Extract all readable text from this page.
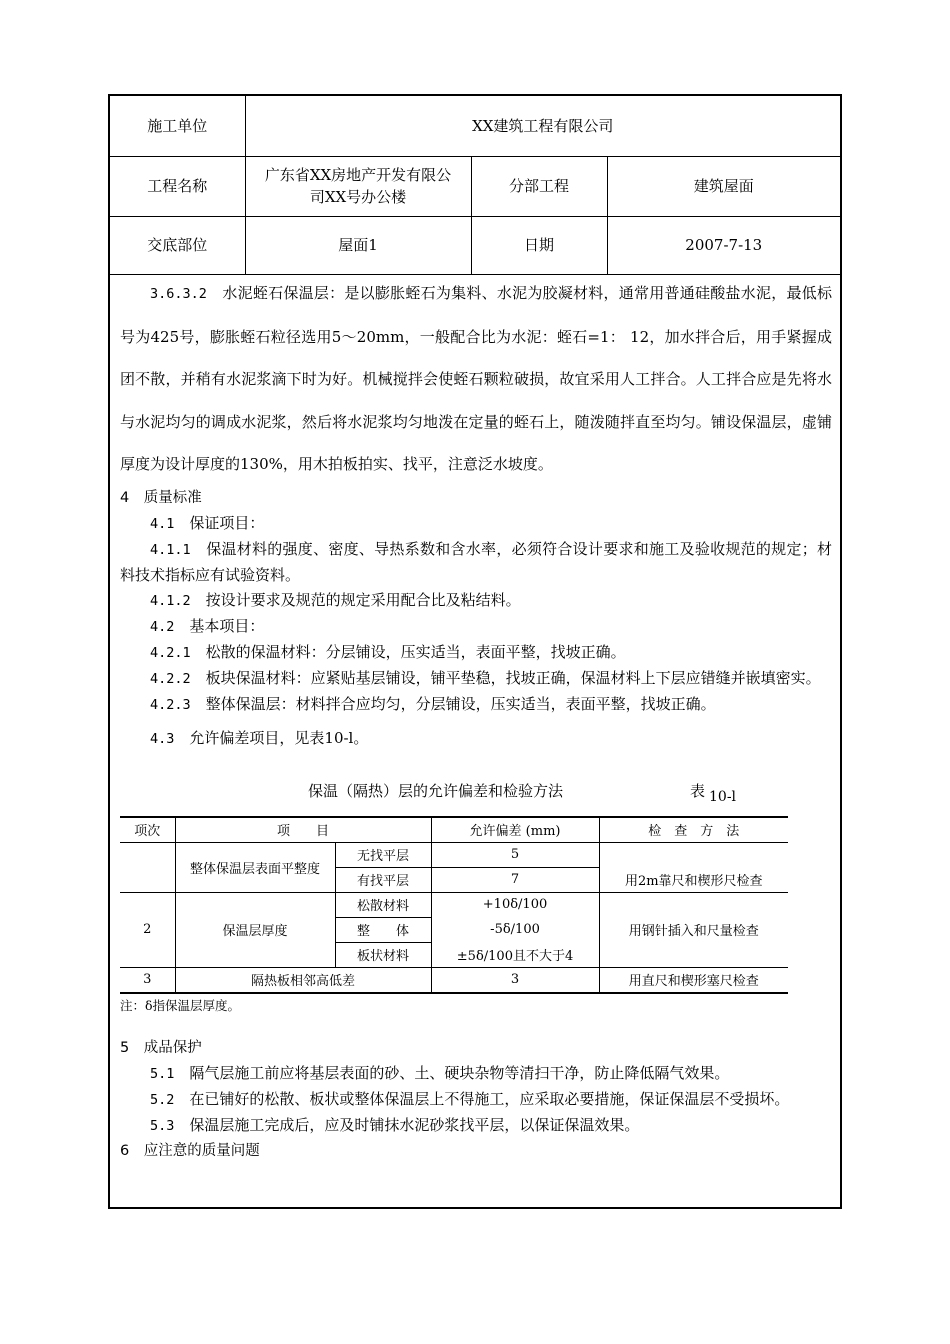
施工单位	XX建筑工程有限公司		
工程名称	广东省XX房地产开发有限公司XX号办公楼	分部工程	建筑屋面
交底部位	屋面1	日期	2007-7-13

3.6.3.2　 水泥蛭石保温层：是以膨胀蛭石为集料、水泥为胶凝材料，通常用普通硅酸盐水泥，最低标号为425号，膨胀蛭石粒径选用5～20mm，一般配合比为水泥：蛭石=1： 12，加水拌合后，用手紧握成团不散，并稍有水泥浆滴下时为好。机械搅拌会使蛭石颗粒破损，故宜采用人工拌合。人工拌合应是先将水与水泥均匀的调成水泥浆，然后将水泥浆均匀地泼在定量的蛭石上，随泼随拌直至均匀。铺设保温层，虚铺厚度为设计厚度的130%，用木拍板拍实、找平，注意泛水坡度。

4　质量标准

4.1　 保证项目：

4.1.1　 保温材料的强度、密度、导热系数和含水率，必须符合设计要求和施工及验收规范的规定；材料技术指标应有试验资料。

4.1.2　 按设计要求及规范的规定采用配合比及粘结料。

4.2　 基本项目：

4.2.1　 松散的保温材料：分层铺设，压实适当，表面平整，找坡正确。

4.2.2　 板块保温材料：应紧贴基层铺设，铺平垫稳，找坡正确，保温材料上下层应错缝并嵌填密实。

4.2.3　 整体保温层：材料拌合应均匀，分层铺设，压实适当，表面平整，找坡正确。

4.3　 允许偏差项目，见表10-l。

保温（隔热）层的允许偏差和检验方法	表 10-l
项次	项　　目		允许偏差 (mm)	检　查　方　法
	整体保温层表面平整度	无找平层	5	用2m靠尺和楔形尺检查
		有找平层	7	
2	保温层厚度	松散材料	+10δ/100	用钢针插入和尺量检查
		整　　体	-5δ/100	
		板状材料	±5δ/100且不大于4	
3	隔热板相邻高低差		3	用直尺和楔形塞尺检查

注：δ指保温层厚度。

5　成品保护

5.1　 隔气层施工前应将基层表面的砂、土、硬块杂物等清扫干净，防止降低隔气效果。

5.2　 在已铺好的松散、板状或整体保温层上不得施工，应采取必要措施，保证保温层不受损坏。

5.3　 保温层施工完成后，应及时铺抹水泥砂浆找平层，以保证保温效果。

6　应注意的质量问题
